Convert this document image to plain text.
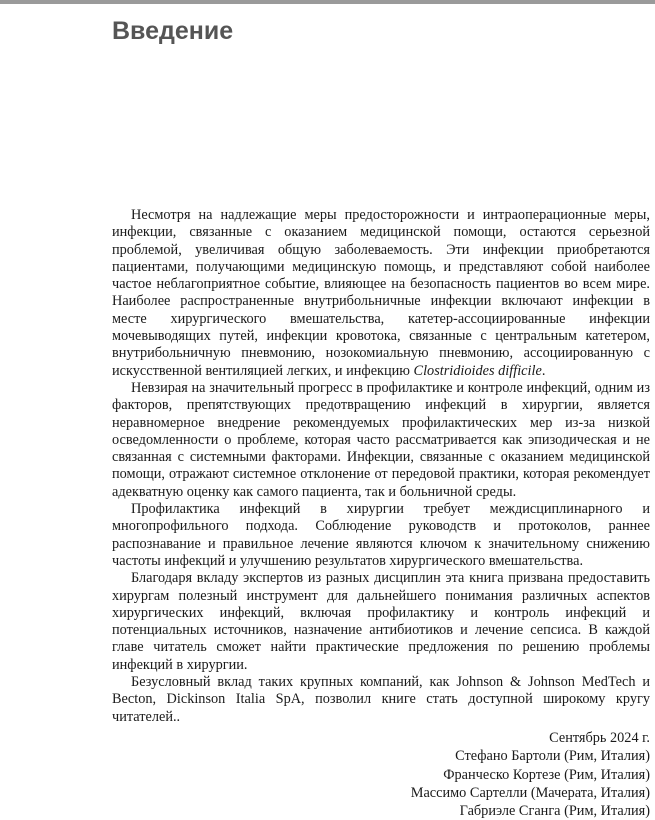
Введение

Несмотря на надлежащие меры предосторожности и интраоперационные меры, инфекции, связанные с оказанием медицинской помощи, остаются серьезной проблемой, увеличивая общую заболеваемость. Эти инфекции приобретаются пациентами, получающими медицинскую помощь, и представляют собой наиболее частое неблагоприятное событие, влияющее на безопасность пациентов во всем мире. Наиболее распространенные внутрибольничные инфекции включают инфекции в месте хирургического вмешательства, катетер-ассоциированные инфекции мочевыводящих путей, инфекции кровотока, связанные с центральным катетером, внутрибольничную пневмонию, нозокомиальную пневмонию, ассоциированную с искусственной вентиляцией легких, и инфекцию Clostridioides difficile.

Невзирая на значительный прогресс в профилактике и контроле инфекций, одним из факторов, препятствующих предотвращению инфекций в хирургии, является неравномерное внедрение рекомендуемых профилактических мер из-за низкой осведомленности о проблеме, которая часто рассматривается как эпизодическая и не связанная с системными факторами. Инфекции, связанные с оказанием медицинской помощи, отражают системное отклонение от передовой практики, которая рекомендует адекватную оценку как самого пациента, так и больничной среды.

Профилактика инфекций в хирургии требует междисциплинарного и многопрофильного подхода. Соблюдение руководств и протоколов, раннее распознавание и правильное лечение являются ключом к значительному снижению частоты инфекций и улучшению результатов хирургического вмешательства.

Благодаря вкладу экспертов из разных дисциплин эта книга призвана предоставить хирургам полезный инструмент для дальнейшего понимания различных аспектов хирургических инфекций, включая профилактику и контроль инфекций и потенциальных источников, назначение антибиотиков и лечение сепсиса. В каждой главе читатель сможет найти практические предложения по решению проблемы инфекций в хирургии.

Безусловный вклад таких крупных компаний, как Johnson & Johnson MedTech и Becton, Dickinson Italia SpA, позволил книге стать доступной широкому кругу читателей..

Сентябрь 2024 г.
Стефано Бартоли (Рим, Италия)
Франческо Кортезе (Рим, Италия)
Массимо Сартелли (Мачерата, Италия)
Габриэле Сганга (Рим, Италия)
